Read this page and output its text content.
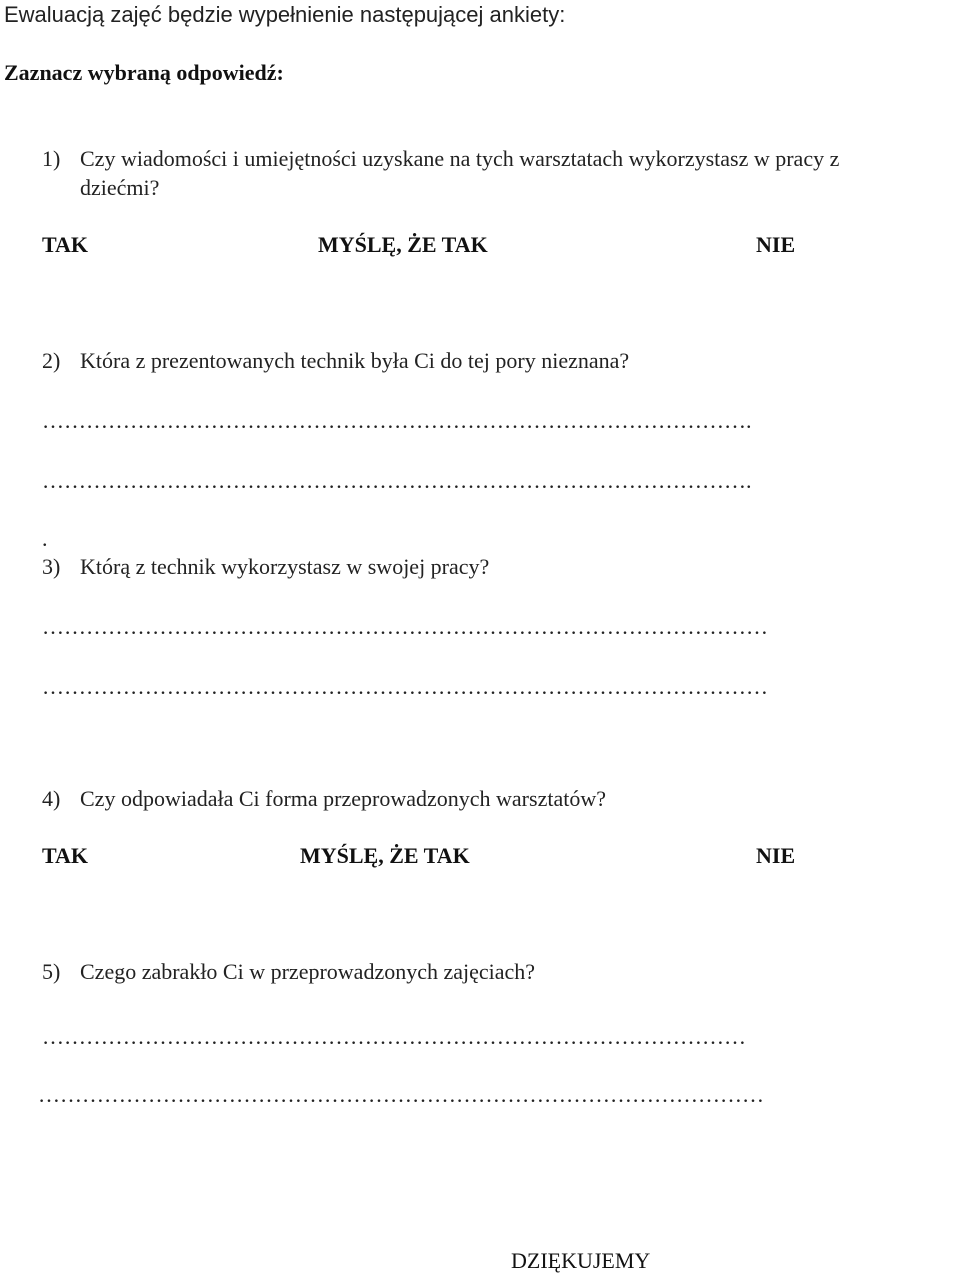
Ewaluacją zajęć będzie wypełnienie następującej ankiety:
Zaznacz wybraną odpowiedź:
1) Czy wiadomości i umiejętności uzyskane na tych warsztatach wykorzystasz w pracy z
dziećmi?
TAK	MYŚLĘ, ŻE TAK	NIE
2) Która z prezentowanych technik była Ci do tej pory nieznana?
…………………………………………………………………………………….
…………………………………………………………………………………….
.
3) Którą z technik wykorzystasz w swojej pracy?
………………………………………………………………………………………
………………………………………………………………………………………
4) Czy odpowiadała Ci forma przeprowadzonych warsztatów?
TAK	MYŚLĘ, ŻE TAK	NIE
5) Czego zabrakło Ci w przeprowadzonych zajęciach?
……………………………………………………………………………………
………………………………………………………………………………………
DZIĘKUJEMY
